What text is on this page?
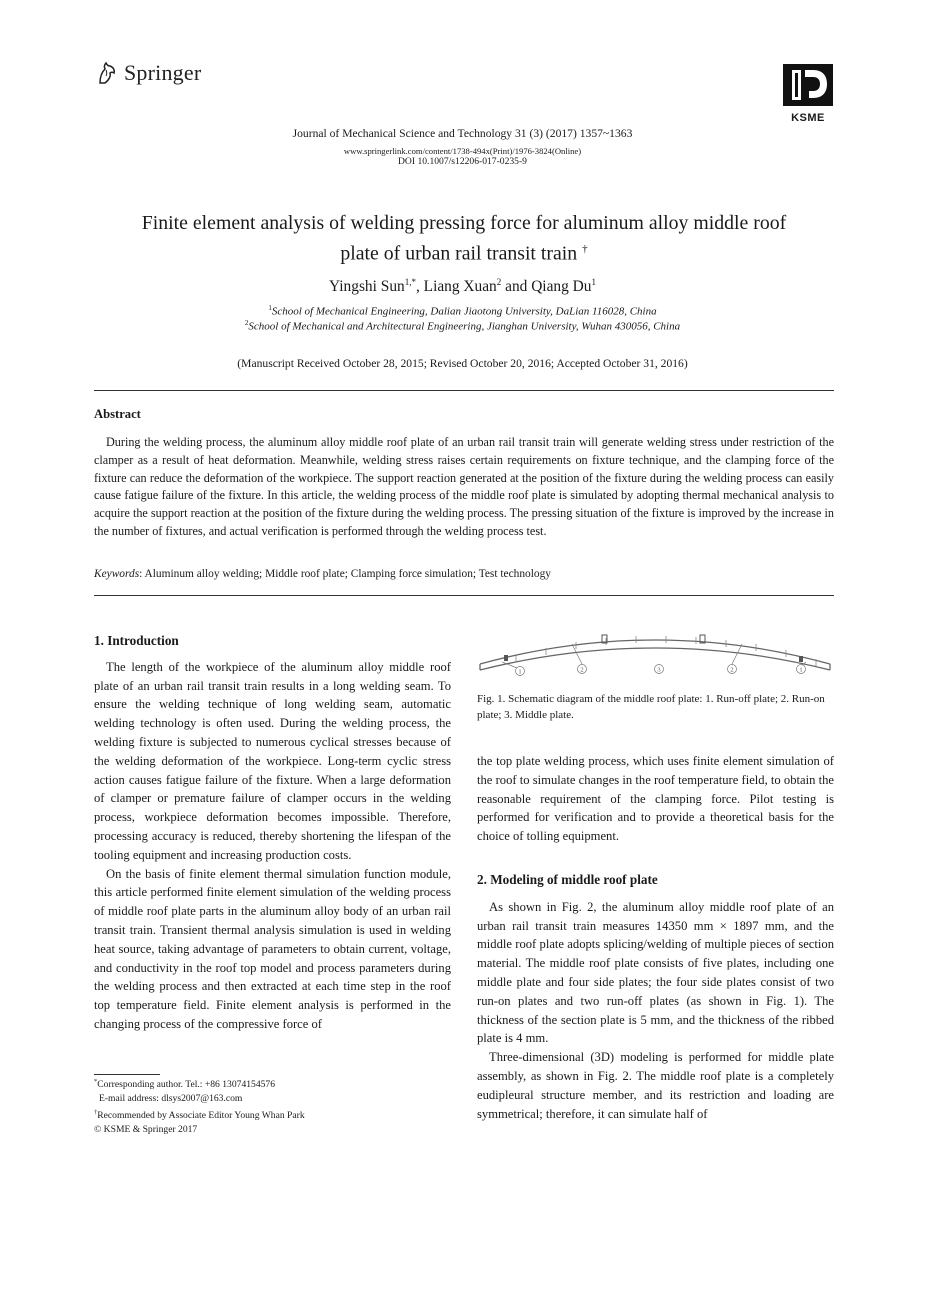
Springer
KSME
Journal of Mechanical Science and Technology 31 (3) (2017) 1357~1363
www.springerlink.com/content/1738-494x(Print)/1976-3824(Online)
DOI 10.1007/s12206-017-0235-9
Finite element analysis of welding pressing force for aluminum alloy middle roof
plate of urban rail transit train †
Yingshi Sun$^{1,*}$, Liang Xuan$^2$ and Qiang Du$^1$
$^1$School of Mechanical Engineering, Dalian Jiaotong University, DaLian 116028, China
$^2$School of Mechanical and Architectural Engineering, Jianghan University, Wuhan 430056, China
(Manuscript Received October 28, 2015; Revised October 20, 2016; Accepted October 31, 2016)
Abstract
During the welding process, the aluminum alloy middle roof plate of an urban rail transit train will generate welding stress under restriction of the clamper as a result of heat deformation. Meanwhile, welding stress raises certain requirements on fixture technique, and the clamping force of the fixture can reduce the deformation of the workpiece. The support reaction generated at the position of the fixture during the welding process can easily cause fatigue failure of the fixture. In this article, the welding process of the middle roof plate is simulated by adopting thermal mechanical analysis to acquire the support reaction at the position of the fixture during the welding process. The pressing situation of the fixture is improved by the increase in the number of fixtures, and actual verification is performed through the welding process test.
Keywords: Aluminum alloy welding; Middle roof plate; Clamping force simulation; Test technology
1. Introduction

The length of the workpiece of the aluminum alloy middle roof plate of an urban rail transit train results in a long welding seam. To ensure the welding technique of long welding seam, automatic welding technology is often used. During the welding process, the welding fixture is subjected to numerous cyclical stresses because of the welding deformation of the workpiece. Long-term cyclic stress action causes fatigue failure of the fixture. When a large deformation of clamper or premature failure of clamper occurs in the welding process, workpiece deformation becomes impossible. Therefore, processing accuracy is reduced, thereby shortening the lifespan of the tooling equipment and increasing production costs.

On the basis of finite element thermal simulation function module, this article performed finite element simulation of the welding process of middle roof plate parts in the aluminum alloy body of an urban rail transit train. Transient thermal analysis simulation is used in welding heat source, taking advantage of parameters to obtain current, voltage, and conductivity in the roof top model and process parameters during the welding process and then extracted at each time step in the roof top temperature field. Finite element analysis is performed in the changing process of the compressive force of

1	2	3	2	1
Fig. 1. Schematic diagram of the middle roof plate: 1. Run-off plate; 2. Run-on plate; 3. Middle plate.

the top plate welding process, which uses finite element simulation of the roof to simulate changes in the roof temperature field, to obtain the reasonable requirement of the clamping force. Pilot testing is performed for verification and to provide a theoretical basis for the choice of tolling equipment.

2. Modeling of middle roof plate

As shown in Fig. 2, the aluminum alloy middle roof plate of an urban rail transit train measures 14350 mm × 1897 mm, and the middle roof plate adopts splicing/welding of multiple pieces of section material. The middle roof plate consists of five plates, including one middle plate and four side plates; the four side plates consist of two run-on plates and two run-off plates (as shown in Fig. 1). The thickness of the section plate is 5 mm, and the thickness of the ribbed plate is 4 mm.

Three-dimensional (3D) modeling is performed for middle plate assembly, as shown in Fig. 2. The middle roof plate is a completely eudipleural structure member, and its restriction and loading are symmetrical; therefore, it can simulate half of

*Corresponding author. Tel.: +86 13074154576
E-mail address: dlsys2007@163.com
†Recommended by Associate Editor Young Whan Park
© KSME & Springer 2017
